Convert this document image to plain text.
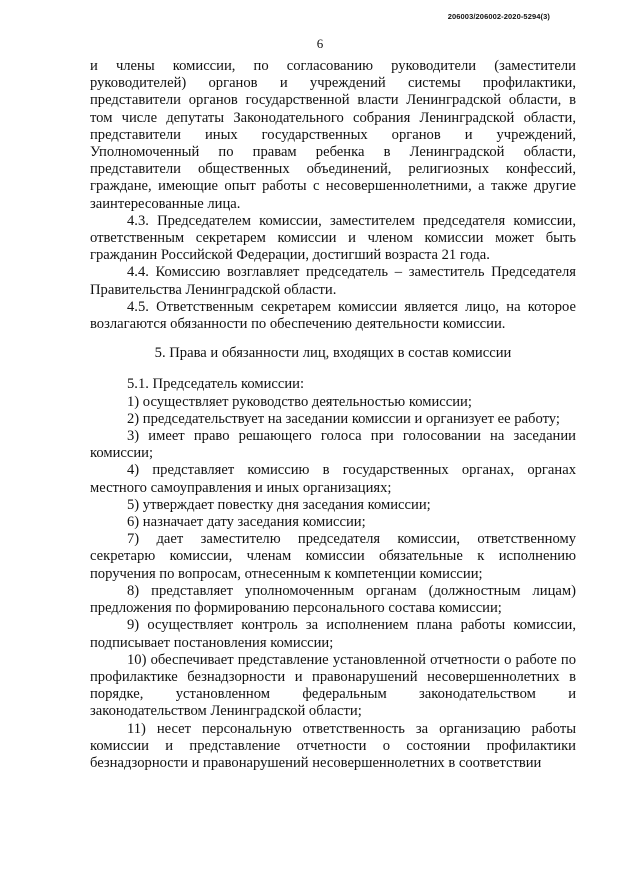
206003/206002-2020-5294(3)
6

и члены комиссии, по согласованию руководители (заместители руководителей) органов и учреждений системы профилактики, представители органов государственной власти Ленинградской области, в том числе депутаты Законодательного собрания Ленинградской области, представители иных государственных органов и учреждений, Уполномоченный по правам ребенка в Ленинградской области, представители общественных объединений, религиозных конфессий, граждане, имеющие опыт работы с несовершеннолетними, а также другие заинтересованные лица.

4.3. Председателем комиссии, заместителем председателя комиссии, ответственным секретарем комиссии и членом комиссии может быть гражданин Российской Федерации, достигший возраста 21 года.

4.4. Комиссию возглавляет председатель – заместитель Председателя Правительства Ленинградской области.

4.5. Ответственным секретарем комиссии является лицо, на которое возлагаются обязанности по обеспечению деятельности комиссии.

5. Права и обязанности лиц, входящих в состав комиссии

5.1. Председатель комиссии:

1) осуществляет руководство деятельностью комиссии;

2) председательствует на заседании комиссии и организует ее работу;

3) имеет право решающего голоса при голосовании на заседании комиссии;

4) представляет комиссию в государственных органах, органах местного самоуправления и иных организациях;

5) утверждает повестку дня заседания комиссии;

6) назначает дату заседания комиссии;

7) дает заместителю председателя комиссии, ответственному секретарю комиссии, членам комиссии обязательные к исполнению поручения по вопросам, отнесенным к компетенции комиссии;

8) представляет уполномоченным органам (должностным лицам) предложения по формированию персонального состава комиссии;

9) осуществляет контроль за исполнением плана работы комиссии, подписывает постановления комиссии;

10) обеспечивает представление установленной отчетности о работе по профилактике безнадзорности и правонарушений несовершеннолетних в порядке, установленном федеральным законодательством и законодательством Ленинградской области;

11) несет персональную ответственность за организацию работы комиссии и представление отчетности о состоянии профилактики безнадзорности и правонарушений несовершеннолетних в соответствии
